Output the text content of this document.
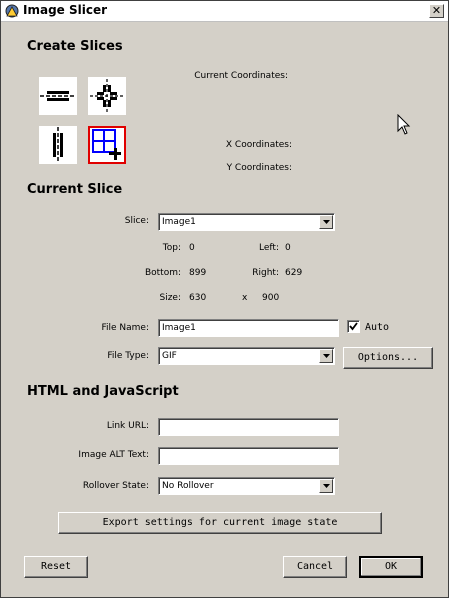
Image Slicer	✕
Create Slices
Current Coordinates:
X Coordinates:
Y Coordinates:
Current Slice
Slice:	Image1
Top: 0	Left: 0
Bottom: 899	Right: 629
Size: 630	x 900
File Name:	Image1	Auto
File Type:	GIF	Options...
HTML and JavaScript
Link URL:
Image ALT Text:
Rollover State:	No Rollover
Export settings for current image state
Reset	Cancel	OK
